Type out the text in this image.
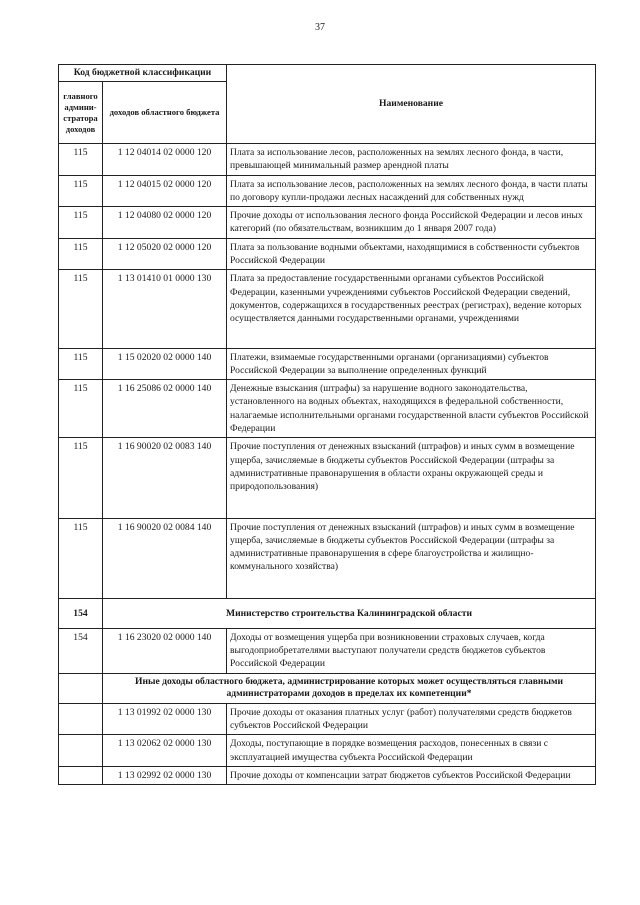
37
Код бюджетной классификации		Наименование
главного админи-стратора доходов	доходов областного бюджета	
115	1 12 04014 02 0000 120	Плата за использование лесов, расположенных на землях лесного фонда, в части, превышающей минимальный размер арендной платы
115	1 12 04015 02 0000 120	Плата за использование лесов, расположенных на землях лесного фонда, в части платы по договору купли-продажи лесных насаждений для собственных нужд
115	1 12 04080 02 0000 120	Прочие доходы от использования лесного фонда Российской Федерации и лесов иных категорий (по обязательствам, возникшим до 1 января 2007 года)
115	1 12 05020 02 0000 120	Плата за пользование водными объектами, находящимися в собственности субъектов Российской Федерации
115	1 13 01410 01 0000 130	Плата за предоставление государственными органами субъектов Российской Федерации, казенными учреждениями субъектов Российской Федерации сведений, документов, содержащихся в государственных реестрах (регистрах), ведение которых осуществляется данными государственными органами, учреждениями
115	1 15 02020 02 0000 140	Платежи, взимаемые государственными органами (организациями) субъектов Российской Федерации за выполнение определенных функций
115	1 16 25086 02 0000 140	Денежные взыскания (штрафы) за нарушение водного законодательства, установленного на водных объектах, находящихся в федеральной собственности, налагаемые исполнительными органами государственной власти субъектов Российской Федерации
115	1 16 90020 02 0083 140	Прочие поступления от денежных взысканий (штрафов) и иных сумм в возмещение ущерба, зачисляемые в бюджеты субъектов Российской Федерации (штрафы за административные правонарушения в области охраны окружающей среды и природопользования)
115	1 16 90020 02 0084 140	Прочие поступления от денежных взысканий (штрафов) и иных сумм в возмещение ущерба, зачисляемые в бюджеты субъектов Российской Федерации (штрафы за административные правонарушения в сфере благоустройства и жилищно-коммунального хозяйства)
154	Министерство строительства Калининградской области	
154	1 16 23020 02 0000 140	Доходы от возмещения ущерба при возникновении страховых случаев, когда выгодоприобретателями выступают получатели средств бюджетов субъектов Российской Федерации
	Иные доходы областного бюджета, администрирование которых может осуществляться главными администраторами доходов в пределах их компетенции*	
	1 13 01992 02 0000 130	Прочие доходы от оказания платных услуг (работ) получателями средств бюджетов субъектов Российской Федерации
	1 13 02062 02 0000 130	Доходы, поступающие в порядке возмещения расходов, понесенных в связи с эксплуатацией имущества субъекта Российской Федерации
	1 13 02992 02 0000 130	Прочие доходы от компенсации затрат бюджетов субъектов Российской Федерации
